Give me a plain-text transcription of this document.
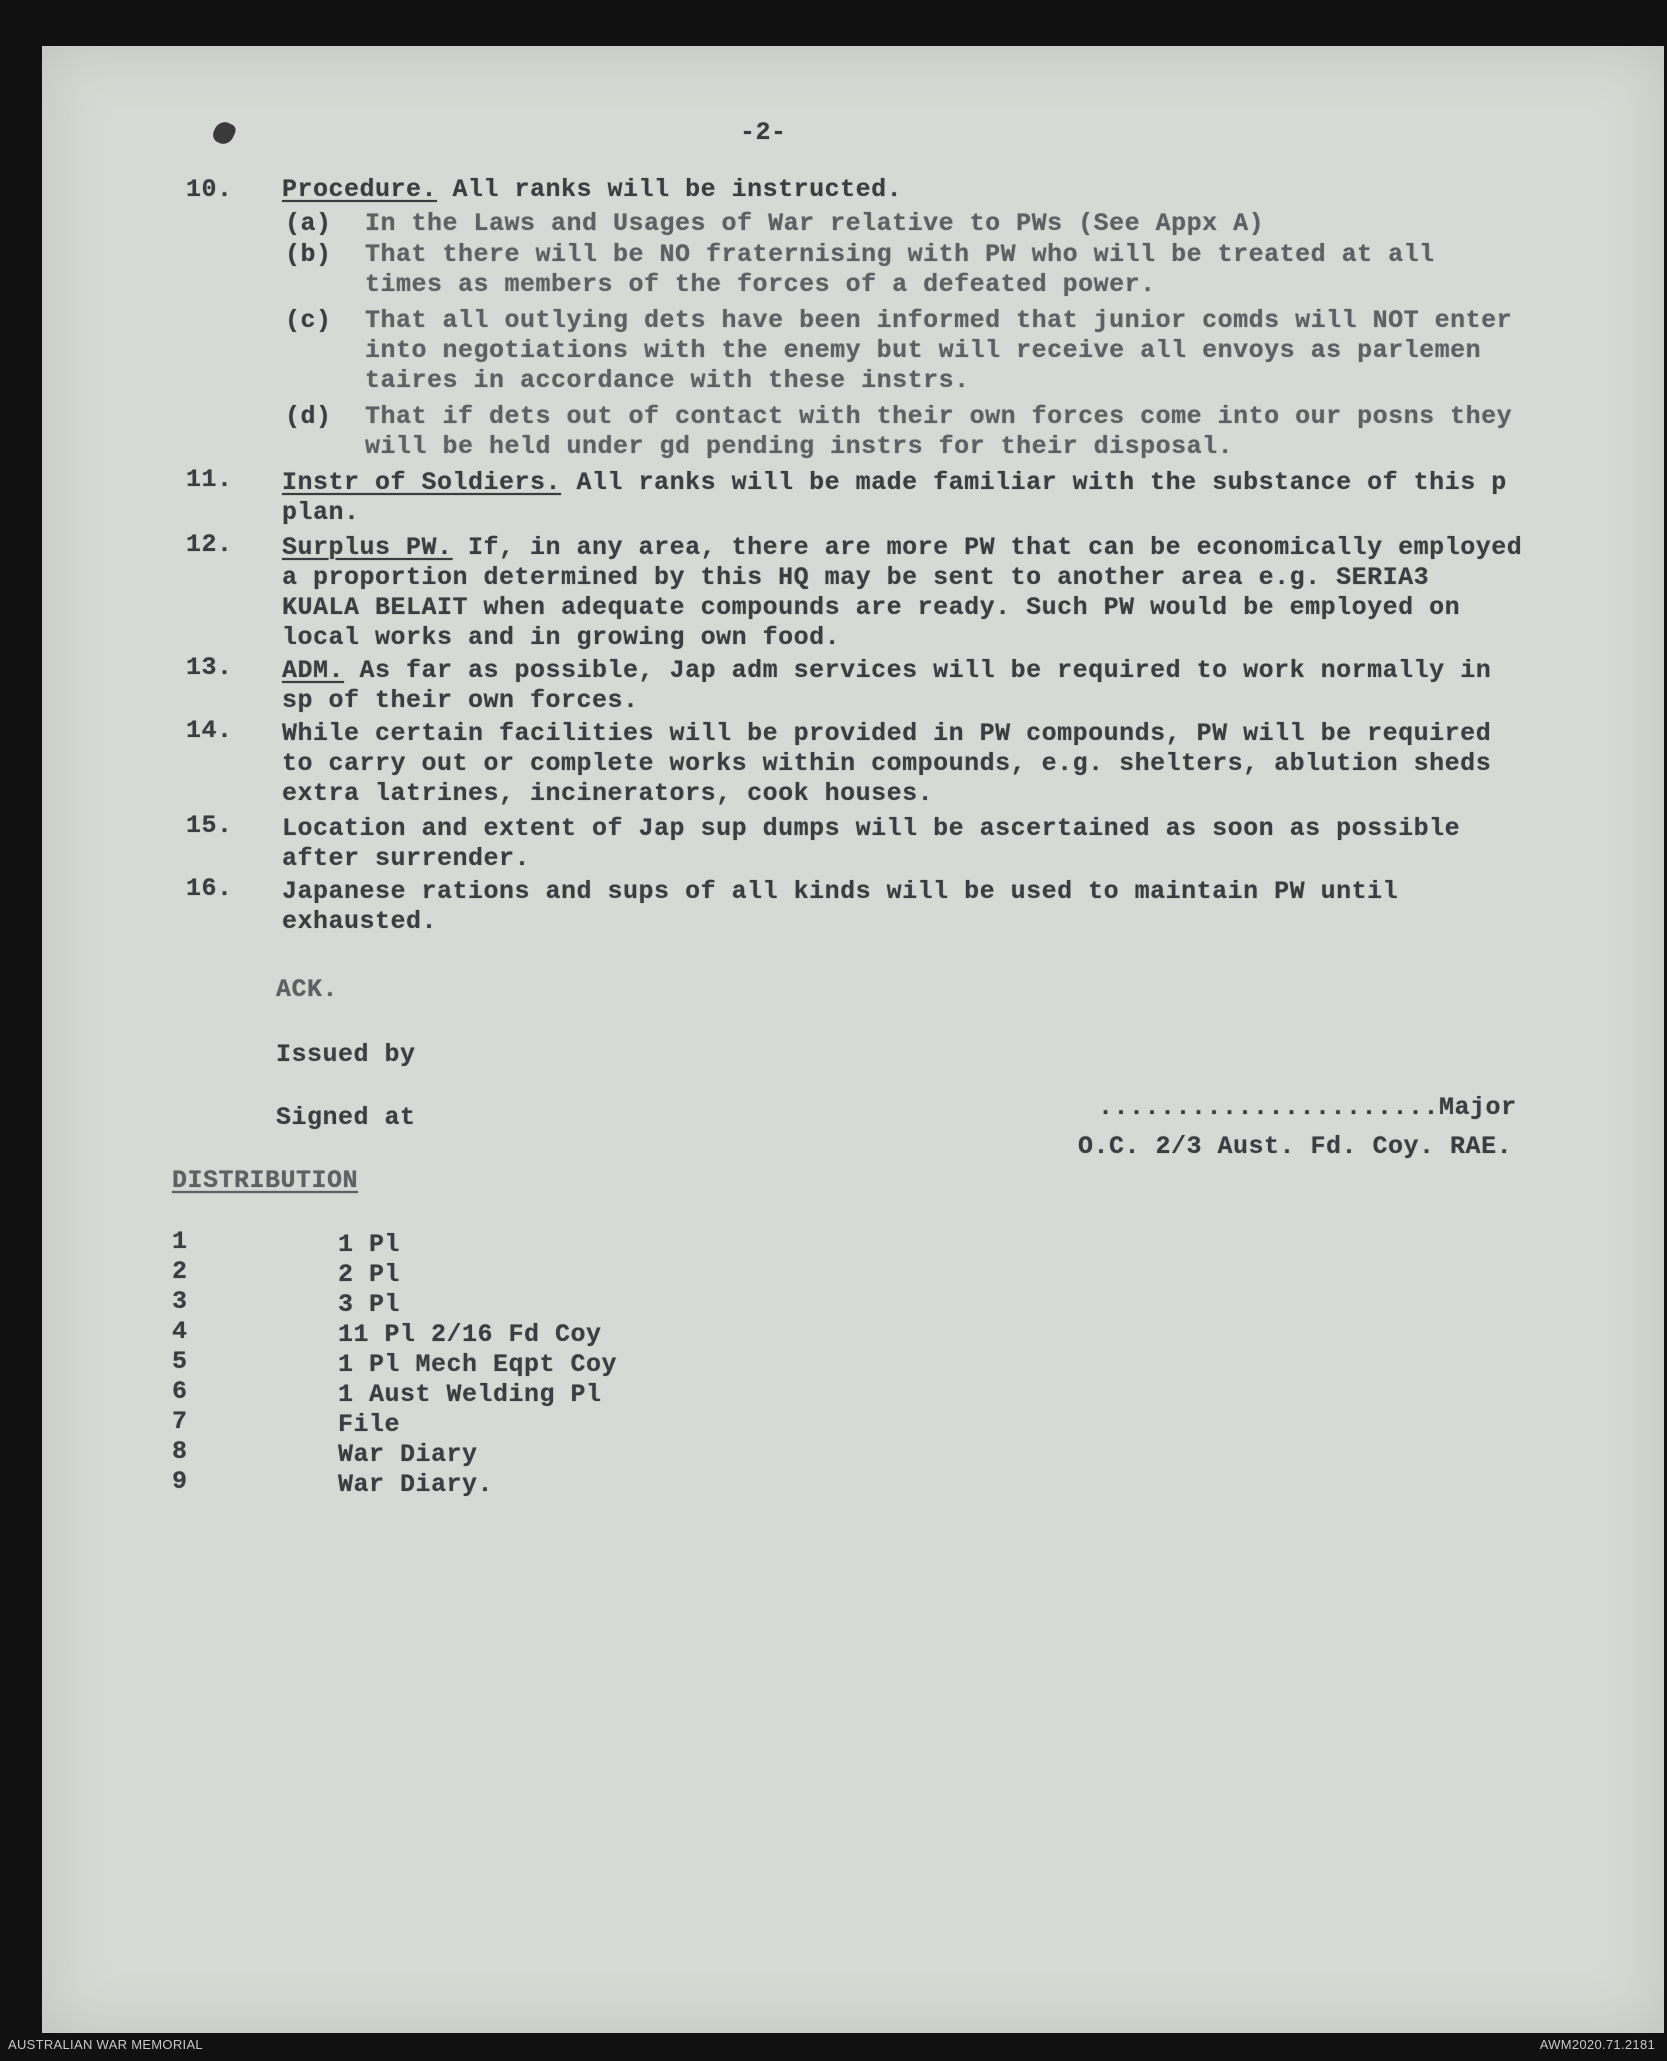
-2-
10. Procedure. All ranks will be instructed.
(a) In the Laws and Usages of War relative to PWs (See Appx A)
(b) That there will be NO fraternising with PW who will be treated at all
times as members of the forces of a defeated power.
(c) That all outlying dets have been informed that junior comds will NOT enter
into negotiations with the enemy but will receive all envoys as parlemen
taires in accordance with these instrs.
(d) That if dets out of contact with their own forces come into our posns they
will be held under gd pending instrs for their disposal.
11. Instr of Soldiers. All ranks will be made familiar with the substance of this p
plan.
12. Surplus PW. If, in any area, there are more PW that can be economically employed
a proportion determined by this HQ may be sent to another area e.g. SERIA3
KUALA BELAIT when adequate compounds are ready. Such PW would be employed on
local works and in growing own food.
13. ADM. As far as possible, Jap adm services will be required to work normally in
sp of their own forces.
14. While certain facilities will be provided in PW compounds, PW will be required
to carry out or complete works within compounds, e.g. shelters, ablution sheds
extra latrines, incinerators, cook houses.
15. Location and extent of Jap sup dumps will be ascertained as soon as possible
after surrender.
16. Japanese rations and sups of all kinds will be used to maintain PW until
exhausted.
ACK.
Issued by
Signed at	......................Major
O.C. 2/3 Aust. Fd. Coy. RAE.
DISTRIBUTION
1	1 Pl
2	2 Pl
3	3 Pl
4	11 Pl 2/16 Fd Coy
5	1 Pl Mech Eqpt Coy
6	1 Aust Welding Pl
7	File
8	War Diary
9	War Diary.
AUSTRALIAN WAR MEMORIAL	AWM2020.71.2181
